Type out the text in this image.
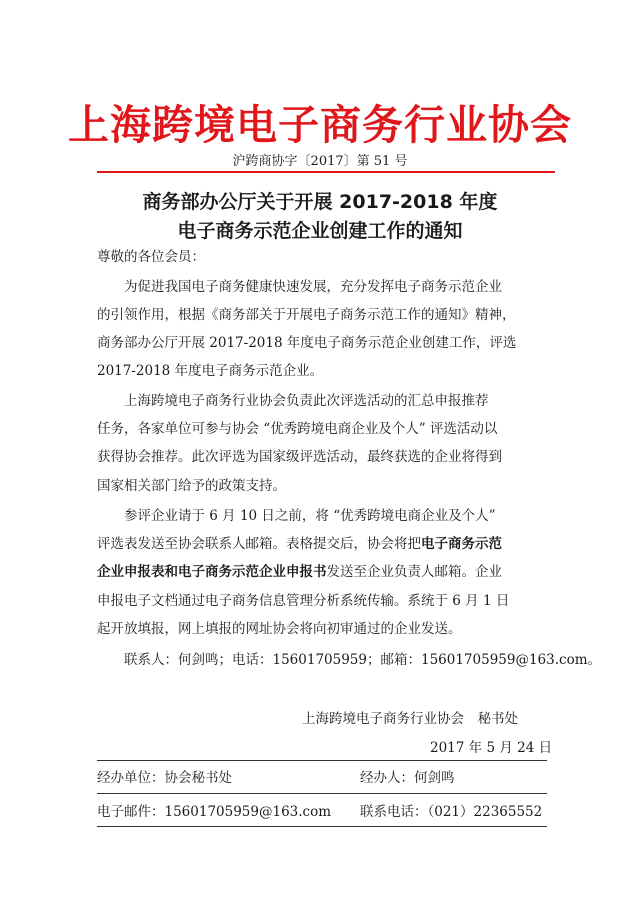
上海跨境电子商务行业协会
沪跨商协字〔2017〕第 51 号
商务部办公厅关于开展 2017-2018 年度
电子商务示范企业创建工作的通知
尊敬的各位会员：
为促进我国电子商务健康快速发展，充分发挥电子商务示范企业
的引领作用，根据《商务部关于开展电子商务示范工作的通知》精神，
商务部办公厅开展 2017-2018 年度电子商务示范企业创建工作，评选
2017-2018 年度电子商务示范企业。
上海跨境电子商务行业协会负责此次评选活动的汇总申报推荐
任务，各家单位可参与协会 “优秀跨境电商企业及个人” 评选活动以
获得协会推荐。此次评选为国家级评选活动，最终获选的企业将得到
国家相关部门给予的政策支持。
参评企业请于 6 月 10 日之前，将 “优秀跨境电商企业及个人”
评选表发送至协会联系人邮箱。表格提交后，协会将把电子商务示范
企业申报表和电子商务示范企业申报书发送至企业负责人邮箱。企业
申报电子文档通过电子商务信息管理分析系统传输。系统于 6 月 1 日
起开放填报，网上填报的网址协会将向初审通过的企业发送。
联系人：何剑鸣；电话：15601705959；邮箱：15601705959@163.com。
上海跨境电子商务行业协会　秘书处
2017 年 5 月 24 日
经办单位：协会秘书处	经办人：何剑鸣
电子邮件：15601705959@163.com 联系电话：（021）22365552
